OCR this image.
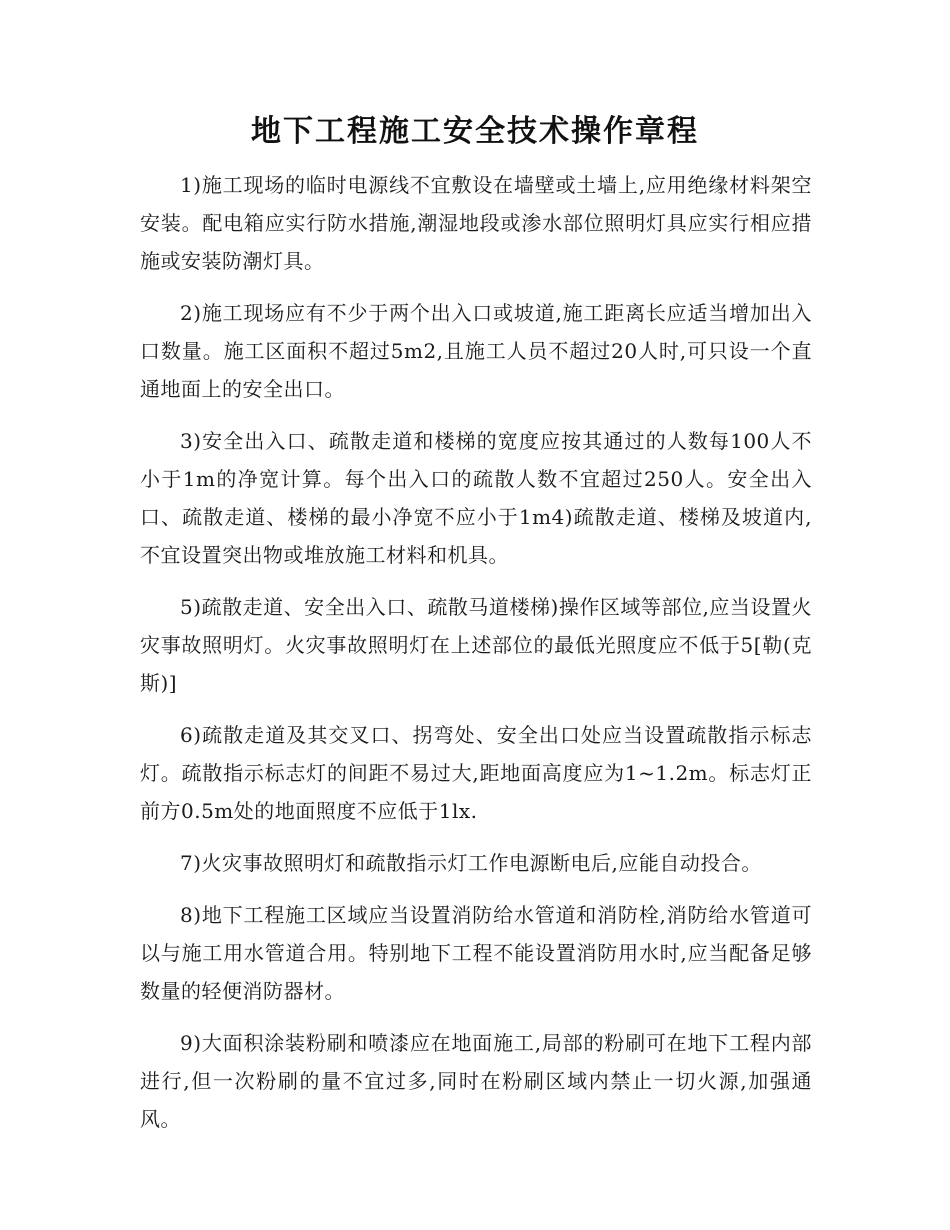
地下工程施工安全技术操作章程

1)施工现场的临时电源线不宜敷设在墙壁或土墙上,应用绝缘材料架空安装。配电箱应实行防水措施,潮湿地段或渗水部位照明灯具应实行相应措施或安装防潮灯具。

2)施工现场应有不少于两个出入口或坡道,施工距离长应适当增加出入口数量。施工区面积不超过5m2,且施工人员不超过20人时,可只设一个直通地面上的安全出口。

3)安全出入口、疏散走道和楼梯的宽度应按其通过的人数每100人不小于1m的净宽计算。每个出入口的疏散人数不宜超过250人。安全出入口、疏散走道、楼梯的最小净宽不应小于1m4)疏散走道、楼梯及坡道内,不宜设置突出物或堆放施工材料和机具。

5)疏散走道、安全出入口、疏散马道楼梯)操作区域等部位,应当设置火灾事故照明灯。火灾事故照明灯在上述部位的最低光照度应不低于5[勒(克斯)]

6)疏散走道及其交叉口、拐弯处、安全出口处应当设置疏散指示标志灯。疏散指示标志灯的间距不易过大,距地面高度应为1~1.2m。标志灯正前方0.5m处的地面照度不应低于1lx.

7)火灾事故照明灯和疏散指示灯工作电源断电后,应能自动投合。

8)地下工程施工区域应当设置消防给水管道和消防栓,消防给水管道可以与施工用水管道合用。特别地下工程不能设置消防用水时,应当配备足够数量的轻便消防器材。

9)大面积涂装粉刷和喷漆应在地面施工,局部的粉刷可在地下工程内部进行,但一次粉刷的量不宜过多,同时在粉刷区域内禁止一切火源,加强通风。
